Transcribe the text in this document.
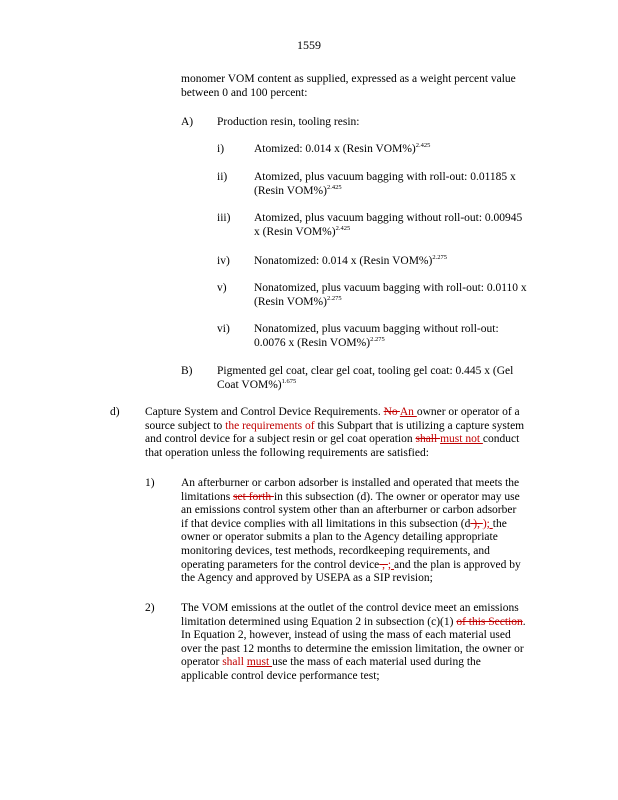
1559
monomer VOM content as supplied, expressed as a weight percent value
between 0 and 100 percent:
A) Production resin, tooling resin:
i)	Atomized: 0.014 x (Resin VOM%)$^{2.425}$
ii) Atomized, plus vacuum bagging with roll-out: 0.01185 x
(Resin VOM%)$^{2.425}$
iii) Atomized, plus vacuum bagging without roll-out: 0.00945
x (Resin VOM%)$^{2.425}$
iv) Nonatomized: 0.014 x (Resin VOM%)$^{2.275}$
v) Nonatomized, plus vacuum bagging with roll-out: 0.0110 x
(Resin VOM%)$^{2.275}$
vi) Nonatomized, plus vacuum bagging without roll-out:
0.0076 x (Resin VOM%)$^{2.275}$
B) Pigmented gel coat, clear gel coat, tooling gel coat: 0.445 x (Gel
Coat VOM%)$^{1.675}$
d) Capture System and Control Device Requirements. No An owner or operator of a
source subject to the requirements of this Subpart that is utilizing a capture system
and control device for a subject resin or gel coat operation shall must not conduct
that operation unless the following requirements are satisfied:
1) An afterburner or carbon adsorber is installed and operated that meets the
limitations set forth in this subsection (d). The owner or operator may use
an emissions control system other than an afterburner or carbon adsorber
if that device complies with all limitations in this subsection (d ), ); the
owner or operator submits a plan to the Agency detailing appropriate
monitoring devices, test methods, recordkeeping requirements, and
operating parameters for the control device , ; and the plan is approved by
the Agency and approved by USEPA as a SIP revision;
2) The VOM emissions at the outlet of the control device meet an emissions
limitation determined using Equation 2 in subsection (c)(1) of this Section.
In Equation 2, however, instead of using the mass of each material used
over the past 12 months to determine the emission limitation, the owner or
operator shall must use the mass of each material used during the
applicable control device performance test;
